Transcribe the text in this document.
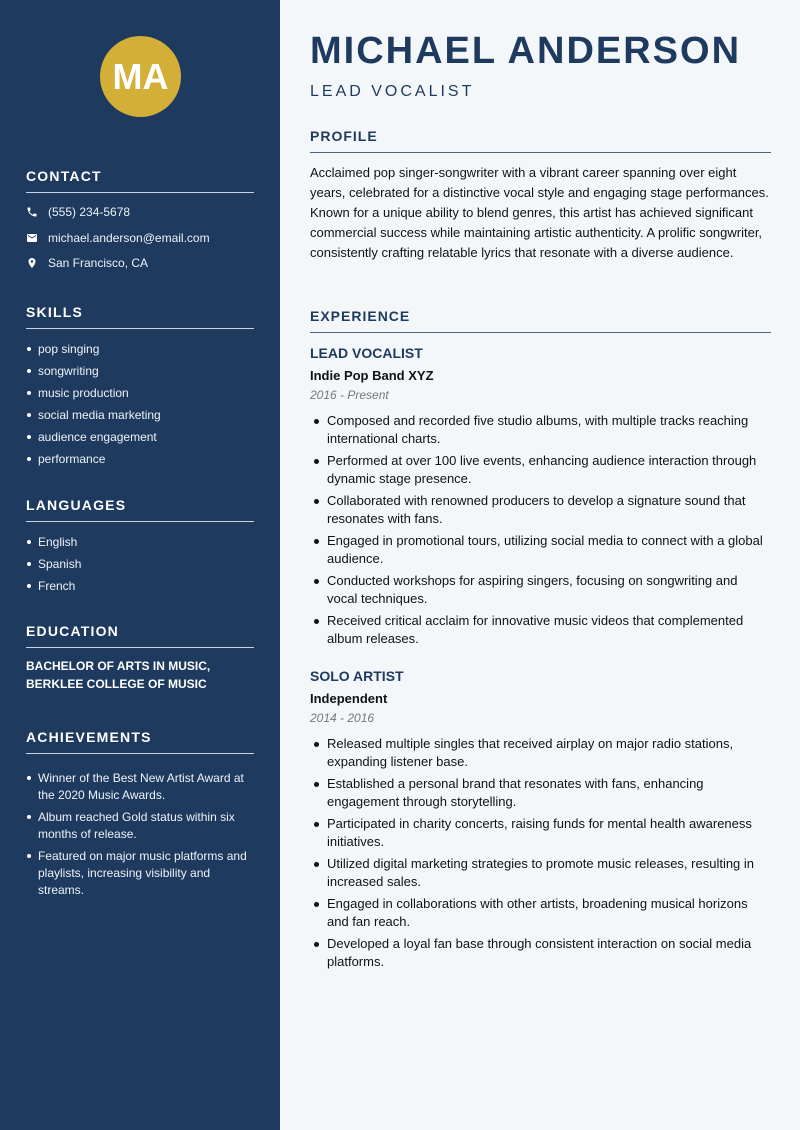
MA
CONTACT
(555) 234-5678
michael.anderson@email.com
San Francisco, CA
SKILLS
pop singing
songwriting
music production
social media marketing
audience engagement
performance
LANGUAGES
English
Spanish
French
EDUCATION
BACHELOR OF ARTS IN MUSIC, BERKLEE COLLEGE OF MUSIC
ACHIEVEMENTS
Winner of the Best New Artist Award at the 2020 Music Awards.
Album reached Gold status within six months of release.
Featured on major music platforms and playlists, increasing visibility and streams.
MICHAEL ANDERSON
LEAD VOCALIST
PROFILE

Acclaimed pop singer-songwriter with a vibrant career spanning over eight years, celebrated for a distinctive vocal style and engaging stage performances. Known for a unique ability to blend genres, this artist has achieved significant commercial success while maintaining artistic authenticity. A prolific songwriter, consistently crafting relatable lyrics that resonate with a diverse audience.

EXPERIENCE
LEAD VOCALIST
Indie Pop Band XYZ
2016 - Present
Composed and recorded five studio albums, with multiple tracks reaching international charts.
Performed at over 100 live events, enhancing audience interaction through dynamic stage presence.
Collaborated with renowned producers to develop a signature sound that resonates with fans.
Engaged in promotional tours, utilizing social media to connect with a global audience.
Conducted workshops for aspiring singers, focusing on songwriting and vocal techniques.
Received critical acclaim for innovative music videos that complemented album releases.
SOLO ARTIST
Independent
2014 - 2016
Released multiple singles that received airplay on major radio stations, expanding listener base.
Established a personal brand that resonates with fans, enhancing engagement through storytelling.
Participated in charity concerts, raising funds for mental health awareness initiatives.
Utilized digital marketing strategies to promote music releases, resulting in increased sales.
Engaged in collaborations with other artists, broadening musical horizons and fan reach.
Developed a loyal fan base through consistent interaction on social media platforms.
